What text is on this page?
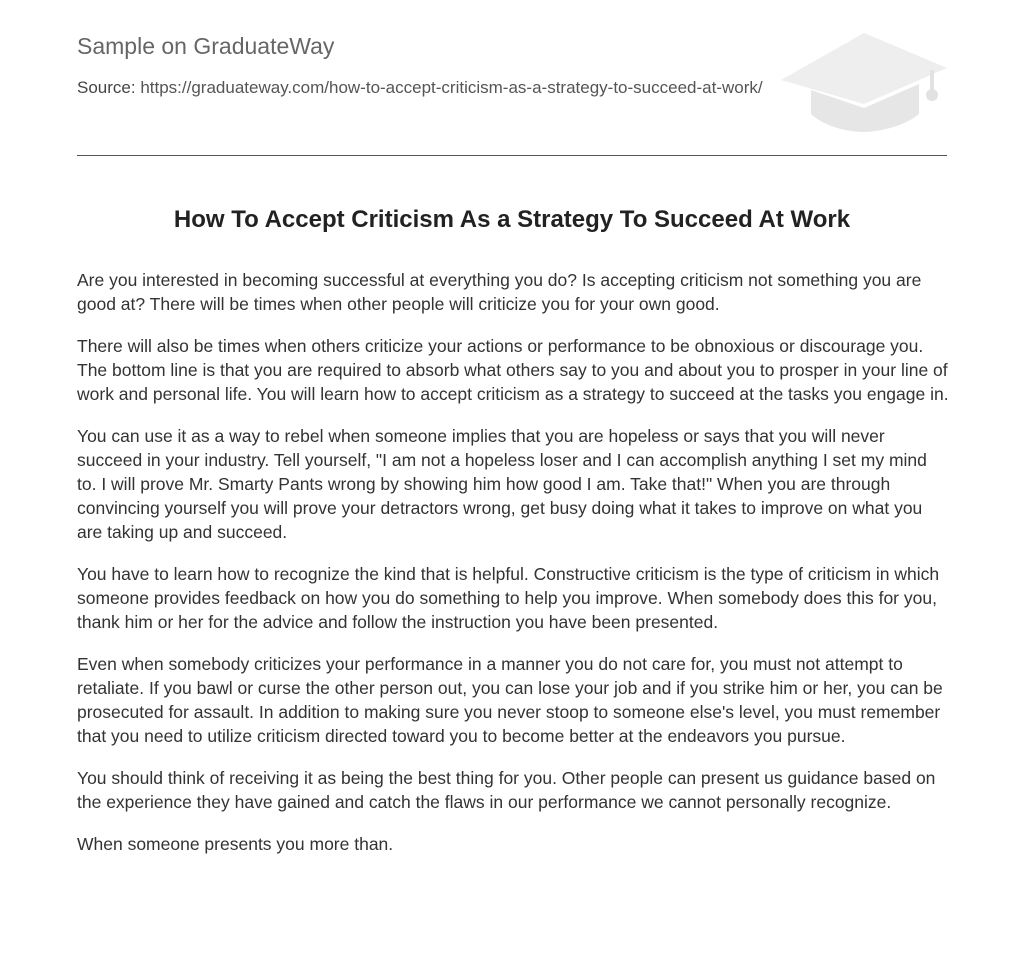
Sample on GraduateWay
Source: https://graduateway.com/how-to-accept-criticism-as-a-strategy-to-succeed-at-work/
How To Accept Criticism As a Strategy To Succeed At Work

Are you interested in becoming successful at everything you do? Is accepting criticism not something you are good at? There will be times when other people will criticize you for your own good.

There will also be times when others criticize your actions or performance to be obnoxious or discourage you. The bottom line is that you are required to absorb what others say to you and about you to prosper in your line of work and personal life. You will learn how to accept criticism as a strategy to succeed at the tasks you engage in.

You can use it as a way to rebel when someone implies that you are hopeless or says that you will never succeed in your industry. Tell yourself, "I am not a hopeless loser and I can accomplish anything I set my mind to. I will prove Mr. Smarty Pants wrong by showing him how good I am. Take that!" When you are through convincing yourself you will prove your detractors wrong, get busy doing what it takes to improve on what you are taking up and succeed.

You have to learn how to recognize the kind that is helpful. Constructive criticism is the type of criticism in which someone provides feedback on how you do something to help you improve. When somebody does this for you, thank him or her for the advice and follow the instruction you have been presented.

Even when somebody criticizes your performance in a manner you do not care for, you must not attempt to retaliate. If you bawl or curse the other person out, you can lose your job and if you strike him or her, you can be prosecuted for assault. In addition to making sure you never stoop to someone else's level, you must remember that you need to utilize criticism directed toward you to become better at the endeavors you pursue.

You should think of receiving it as being the best thing for you. Other people can present us guidance based on the experience they have gained and catch the flaws in our performance we cannot personally recognize.

When someone presents you more than.
